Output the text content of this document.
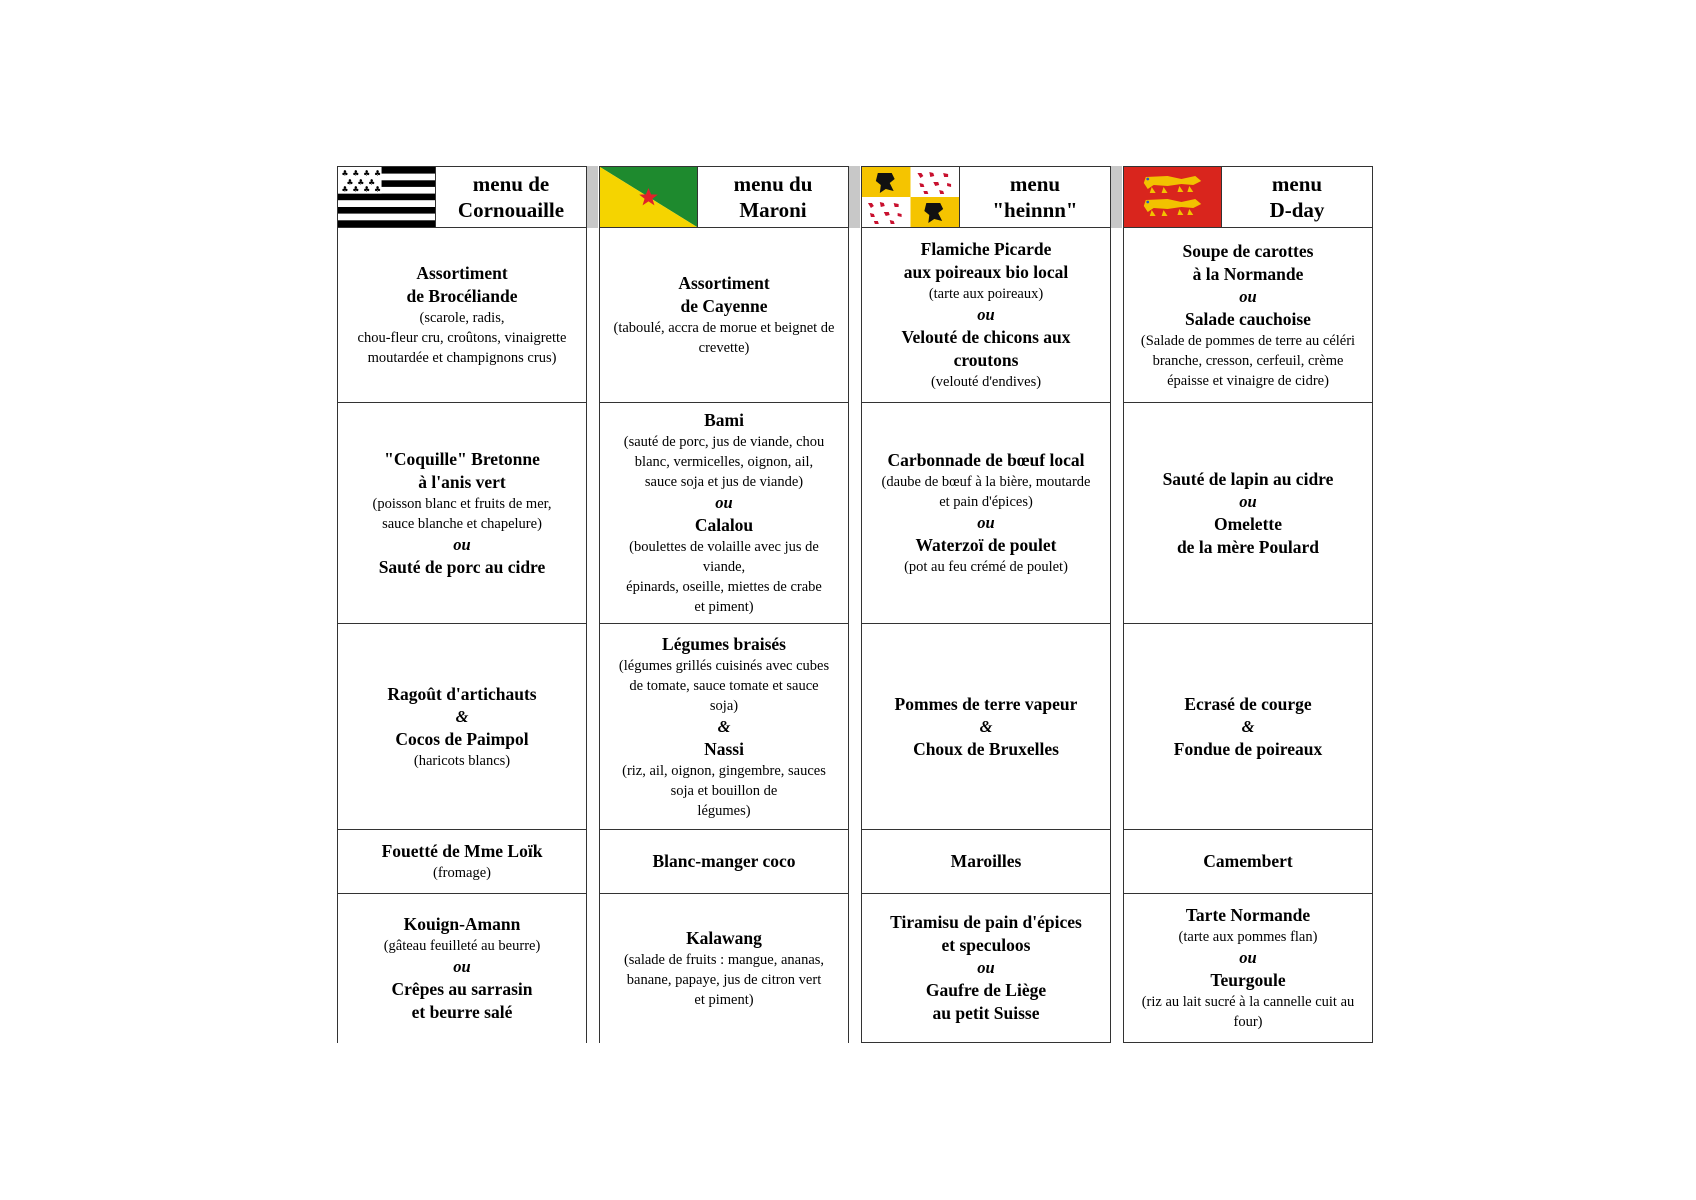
♣ ♣ ♣ ♣
♣ ♣ ♣
♣ ♣ ♣ ♣	menu de
Cornouaille
Assortiment
de Brocéliande
(scarole, radis,
chou-fleur cru, croûtons, vinaigrette
moutardée et champignons crus)
"Coquille" Bretonne
à l'anis vert
(poisson blanc et fruits de mer,
sauce blanche et chapelure)
ou
Sauté de porc au cidre
Ragoût d'artichauts
&
Cocos de Paimpol
(haricots blancs)
Fouetté de Mme Loïk
(fromage)
Kouign-Amann
(gâteau feuilleté au beurre)
ou
Crêpes au sarrasin
et beurre salé
menu du
Maroni
Assortiment
de Cayenne
(taboulé, accra de morue et beignet de
crevette)
Bami
(sauté de porc, jus de viande, chou
blanc, vermicelles, oignon, ail,
sauce soja et jus de viande)
ou
Calalou
(boulettes de volaille avec jus de
viande,
épinards, oseille, miettes de crabe
et piment)
Légumes braisés
(légumes grillés cuisinés avec cubes
de tomate, sauce tomate et sauce
soja)
&
Nassi
(riz, ail, oignon, gingembre, sauces
soja et bouillon de
légumes)
Blanc-manger coco
Kalawang
(salade de fruits : mangue, ananas,
banane, papaye, jus de citron vert
et piment)
menu
"heinnn"
Flamiche Picarde
aux poireaux bio local
(tarte aux poireaux)
ou
Velouté de chicons aux
croutons
(velouté d'endives)
Carbonnade de bœuf local
(daube de bœuf à la bière, moutarde
et pain d'épices)
ou
Waterzoï de poulet
(pot au feu crémé de poulet)
Pommes de terre vapeur
&
Choux de Bruxelles
Maroilles
Tiramisu de pain d'épices
et speculoos
ou
Gaufre de Liège
au petit Suisse
menu
D-day
Soupe de carottes
à la Normande
ou
Salade cauchoise
(Salade de pommes de terre au céléri
branche, cresson, cerfeuil, crème
épaisse et vinaigre de cidre)
Sauté de lapin au cidre
ou
Omelette
de la mère Poulard
Ecrasé de courge
&
Fondue de poireaux
Camembert
Tarte Normande
(tarte aux pommes flan)
ou
Teurgoule
(riz au lait sucré à la cannelle cuit au
four)
